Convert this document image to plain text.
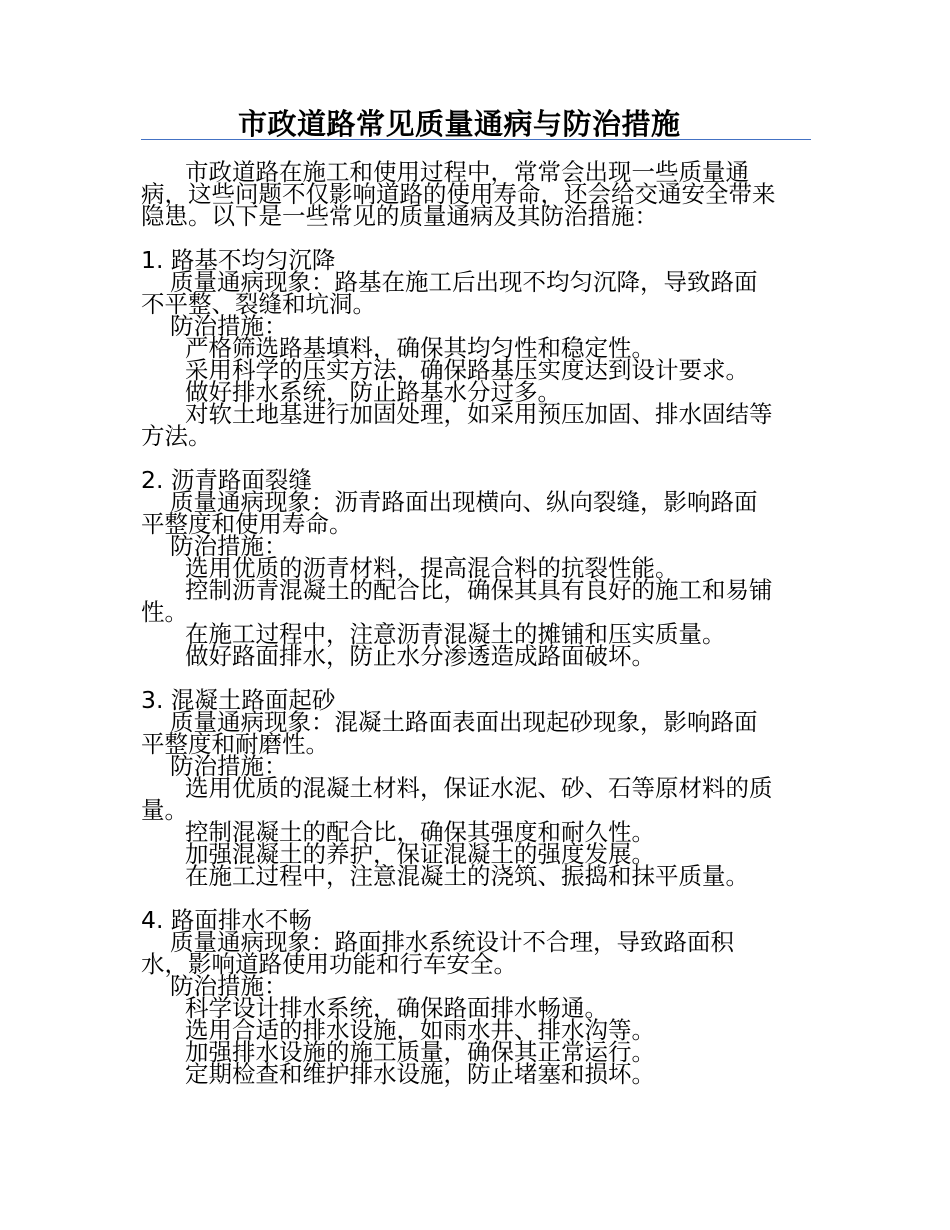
市政道路常见质量通病与防治措施
市政道路在施工和使用过程中，常常会出现一些质量通
病，这些问题不仅影响道路的使用寿命，还会给交通安全带来
隐患。以下是一些常见的质量通病及其防治措施：
1. 路基不均匀沉降
质量通病现象：路基在施工后出现不均匀沉降，导致路面
不平整、裂缝和坑洞。
防治措施：
严格筛选路基填料，确保其均匀性和稳定性。
采用科学的压实方法，确保路基压实度达到设计要求。
做好排水系统，防止路基水分过多。
对软土地基进行加固处理，如采用预压加固、排水固结等
方法。
2. 沥青路面裂缝
质量通病现象：沥青路面出现横向、纵向裂缝，影响路面
平整度和使用寿命。
防治措施：
选用优质的沥青材料，提高混合料的抗裂性能。
控制沥青混凝土的配合比，确保其具有良好的施工和易铺
性。
在施工过程中，注意沥青混凝土的摊铺和压实质量。
做好路面排水，防止水分渗透造成路面破坏。
3. 混凝土路面起砂
质量通病现象：混凝土路面表面出现起砂现象，影响路面
平整度和耐磨性。
防治措施：
选用优质的混凝土材料，保证水泥、砂、石等原材料的质
量。
控制混凝土的配合比，确保其强度和耐久性。
加强混凝土的养护，保证混凝土的强度发展。
在施工过程中，注意混凝土的浇筑、振捣和抹平质量。
4. 路面排水不畅
质量通病现象：路面排水系统设计不合理，导致路面积
水，影响道路使用功能和行车安全。
防治措施：
科学设计排水系统，确保路面排水畅通。
选用合适的排水设施，如雨水井、排水沟等。
加强排水设施的施工质量，确保其正常运行。
定期检查和维护排水设施，防止堵塞和损坏。
